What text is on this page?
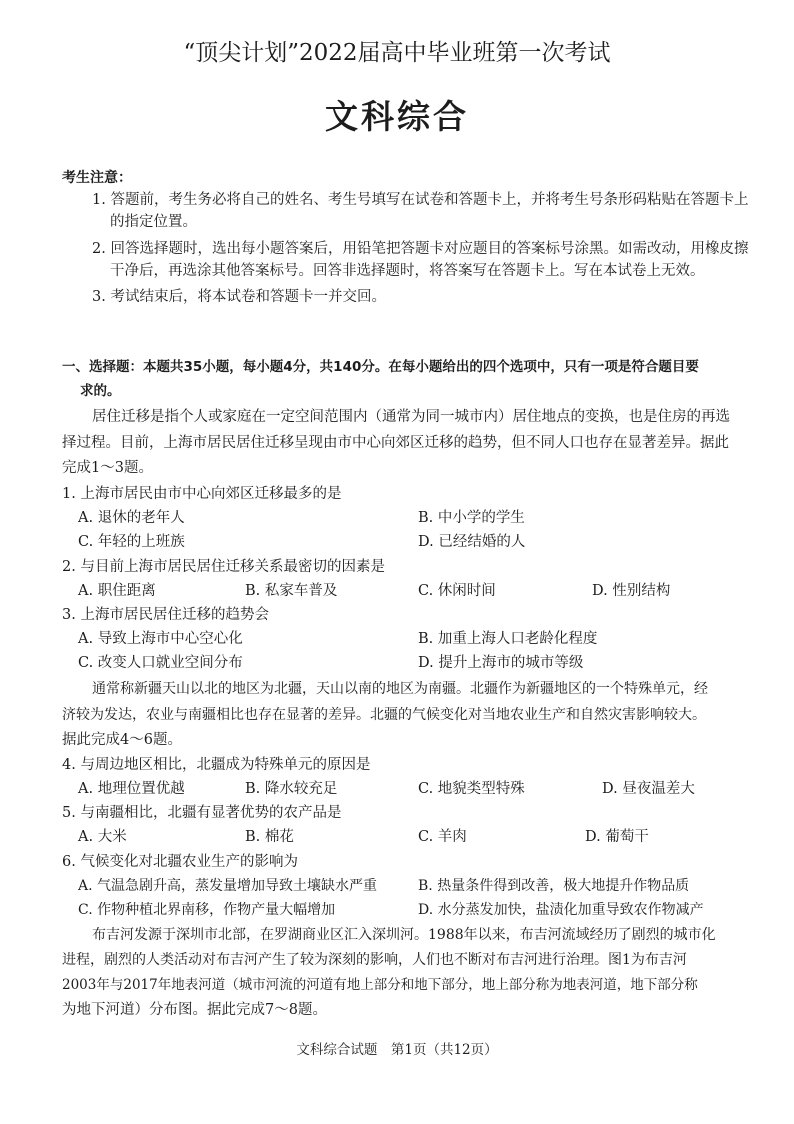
“顶尖计划”2022届高中毕业班第一次考试
文科综合
考生注意：
1. 答题前，考生务必将自己的姓名、考生号填写在试卷和答题卡上，并将考生号条形码粘贴在答题卡上
的指定位置。
2. 回答选择题时，选出每小题答案后，用铅笔把答题卡对应题目的答案标号涂黑。如需改动，用橡皮擦
干净后，再选涂其他答案标号。回答非选择题时，将答案写在答题卡上。写在本试卷上无效。
3. 考试结束后，将本试卷和答题卡一并交回。
一、选择题：本题共35小题，每小题4分，共140分。在每小题给出的四个选项中，只有一项是符合题目要
求的。
居住迁移是指个人或家庭在一定空间范围内（通常为同一城市内）居住地点的变换，也是住房的再选
择过程。目前，上海市居民居住迁移呈现由市中心向郊区迁移的趋势，但不同人口也存在显著差异。据此
完成1～3题。
1. 上海市居民由市中心向郊区迁移最多的是
A. 退休的老年人	B. 中小学的学生
C. 年轻的上班族	D. 已经结婚的人
2. 与目前上海市居民居住迁移关系最密切的因素是
A. 职住距离	B. 私家车普及	C. 休闲时间	D. 性别结构
3. 上海市居民居住迁移的趋势会
A. 导致上海市中心空心化	B. 加重上海人口老龄化程度
C. 改变人口就业空间分布	D. 提升上海市的城市等级
通常称新疆天山以北的地区为北疆，天山以南的地区为南疆。北疆作为新疆地区的一个特殊单元，经
济较为发达，农业与南疆相比也存在显著的差异。北疆的气候变化对当地农业生产和自然灾害影响较大。
据此完成4～6题。
4. 与周边地区相比，北疆成为特殊单元的原因是
A. 地理位置优越	B. 降水较充足	C. 地貌类型特殊	D. 昼夜温差大
5. 与南疆相比，北疆有显著优势的农产品是
A. 大米	B. 棉花	C. 羊肉	D. 葡萄干
6. 气候变化对北疆农业生产的影响为
A. 气温急剧升高，蒸发量增加导致土壤缺水严重	B. 热量条件得到改善，极大地提升作物品质
C. 作物种植北界南移，作物产量大幅增加	D. 水分蒸发加快，盐渍化加重导致农作物减产
布吉河发源于深圳市北部，在罗湖商业区汇入深圳河。1988年以来，布吉河流域经历了剧烈的城市化
进程，剧烈的人类活动对布吉河产生了较为深刻的影响，人们也不断对布吉河进行治理。图1为布吉河
2003年与2017年地表河道（城市河流的河道有地上部分和地下部分，地上部分称为地表河道，地下部分称
为地下河道）分布图。据此完成7～8题。
文科综合试题　第1页（共12页）
